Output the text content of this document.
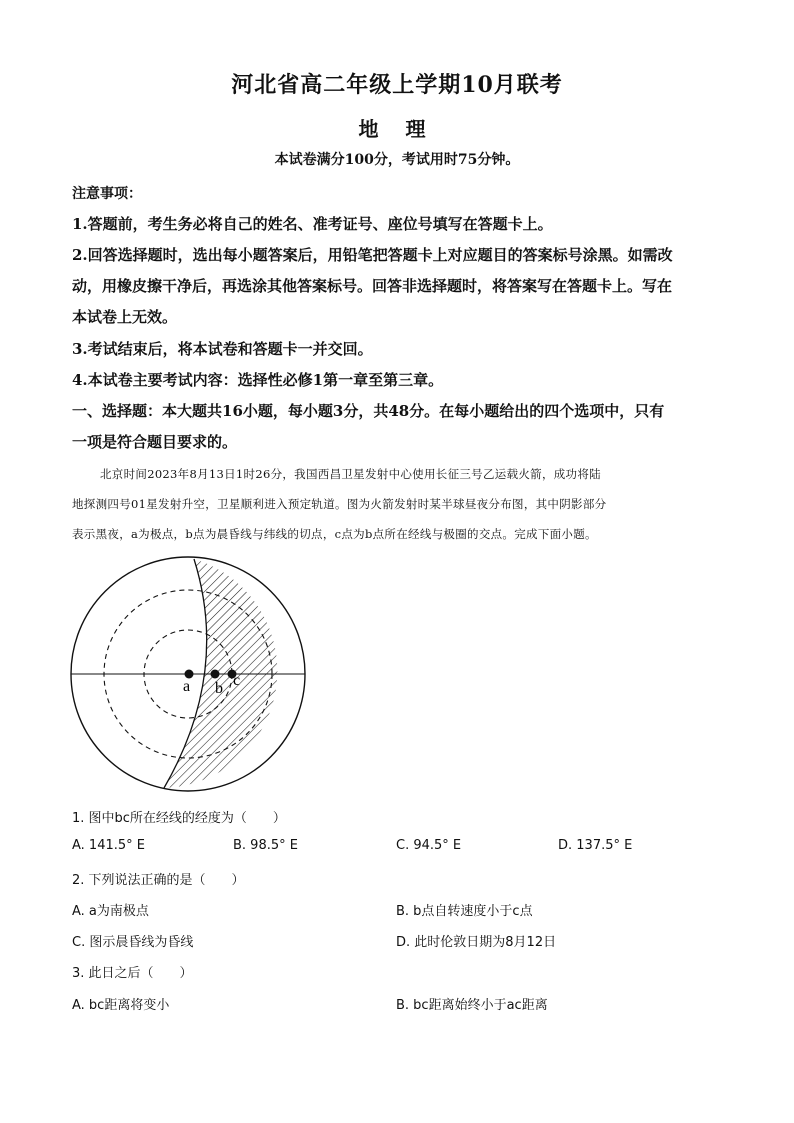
河北省高二年级上学期10月联考
地 理
本试卷满分100分，考试用时75分钟。
注意事项：
1.答题前，考生务必将自己的姓名、准考证号、座位号填写在答题卡上。
2.回答选择题时，选出每小题答案后，用铅笔把答题卡上对应题目的答案标号涂黑。如需改
动，用橡皮擦干净后，再选涂其他答案标号。回答非选择题时，将答案写在答题卡上。写在
本试卷上无效。
3.考试结束后，将本试卷和答题卡一并交回。
4.本试卷主要考试内容：选择性必修1第一章至第三章。
一、选择题：本大题共16小题，每小题3分，共48分。在每小题给出的四个选项中，只有
一项是符合题目要求的。
北京时间2023年8月13日1时26分，我国西昌卫星发射中心使用长征三号乙运载火箭，成功将陆
地探测四号01星发射升空，卫星顺利进入预定轨道。图为火箭发射时某半球昼夜分布图，其中阴影部分
表示黑夜，a为极点，b点为晨昏线与纬线的切点，c点为b点所在经线与极圈的交点。完成下面小题。
a b c
1. 图中bc所在经线的经度为（　　）
A. 141.5° E	B. 98.5° E	C. 94.5° E	D. 137.5° E
2. 下列说法正确的是（　　）
A. a为南极点	B. b点自转速度小于c点
C. 图示晨昏线为昏线	D. 此时伦敦日期为8月12日
3. 此日之后（　　）
A. bc距离将变小	B. bc距离始终小于ac距离
